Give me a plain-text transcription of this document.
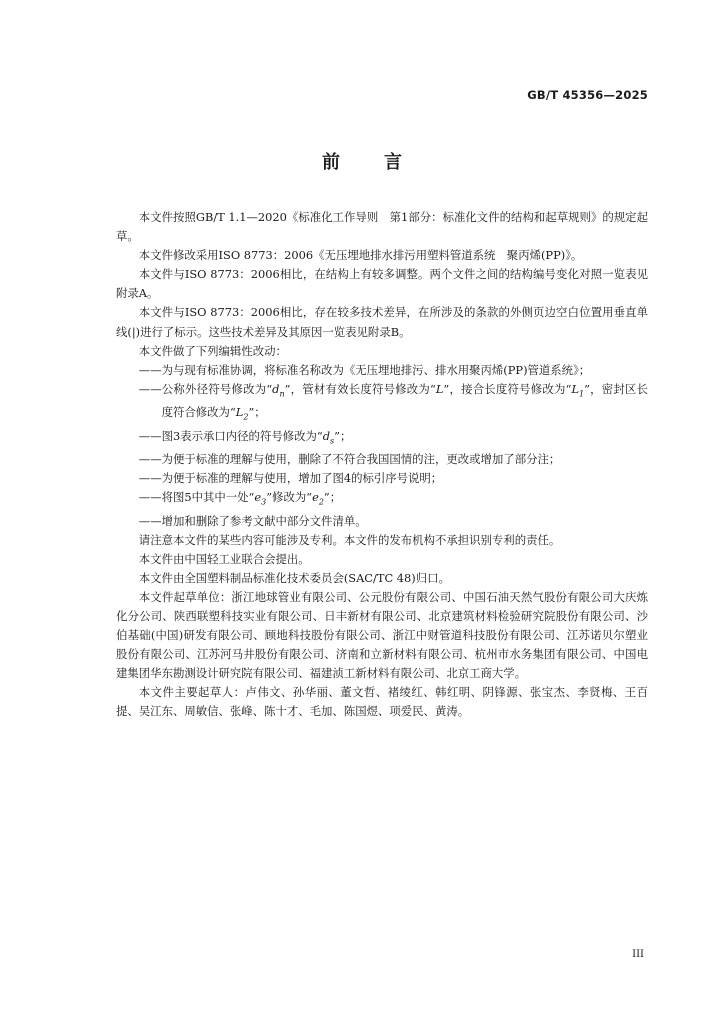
GB/T 45356—2025
前 言

本文件按照GB/T 1.1—2020《标准化工作导则　第1部分：标准化文件的结构和起草规则》的规定起草。

本文件修改采用ISO 8773：2006《无压埋地排水排污用塑料管道系统　聚丙烯(PP)》。

本文件与ISO 8773：2006相比，在结构上有较多调整。两个文件之间的结构编号变化对照一览表见附录A。

本文件与ISO 8773：2006相比，存在较多技术差异，在所涉及的条款的外侧页边空白位置用垂直单线(|)进行了标示。这些技术差异及其原因一览表见附录B。

本文件做了下列编辑性改动：

——为与现有标准协调，将标准名称改为《无压埋地排污、排水用聚丙烯(PP)管道系统》；

——公称外径符号修改为“$d_n$”，管材有效长度符号修改为“L”，接合长度符号修改为“$L_1$”，密封区长度符合修改为“$L_2$”；

——图3表示承口内径的符号修改为“$d_s$”；

——为便于标准的理解与使用，删除了不符合我国国情的注，更改或增加了部分注；

——为便于标准的理解与使用，增加了图4的标引序号说明；

——将图5中其中一处“$e_3$”修改为“$e_2$”；

——增加和删除了参考文献中部分文件清单。

请注意本文件的某些内容可能涉及专利。本文件的发布机构不承担识别专利的责任。

本文件由中国轻工业联合会提出。

本文件由全国塑料制品标准化技术委员会(SAC/TC 48)归口。

本文件起草单位：浙江地球管业有限公司、公元股份有限公司、中国石油天然气股份有限公司大庆炼化分公司、陕西联塑科技实业有限公司、日丰新材有限公司、北京建筑材料检验研究院股份有限公司、沙伯基础(中国)研发有限公司、顾地科技股份有限公司、浙江中财管道科技股份有限公司、江苏诺贝尔塑业股份有限公司、江苏河马井股份有限公司、济南和立新材料有限公司、杭州市水务集团有限公司、中国电建集团华东勘测设计研究院有限公司、福建浈工新材料有限公司、北京工商大学。

本文件主要起草人：卢伟文、孙华丽、董文哲、褚绫红、韩红明、阴锋源、张宝杰、李贤梅、王百提、吴江东、周敏信、张峰、陈十才、毛加、陈国煜、项爱民、黄涛。

III
